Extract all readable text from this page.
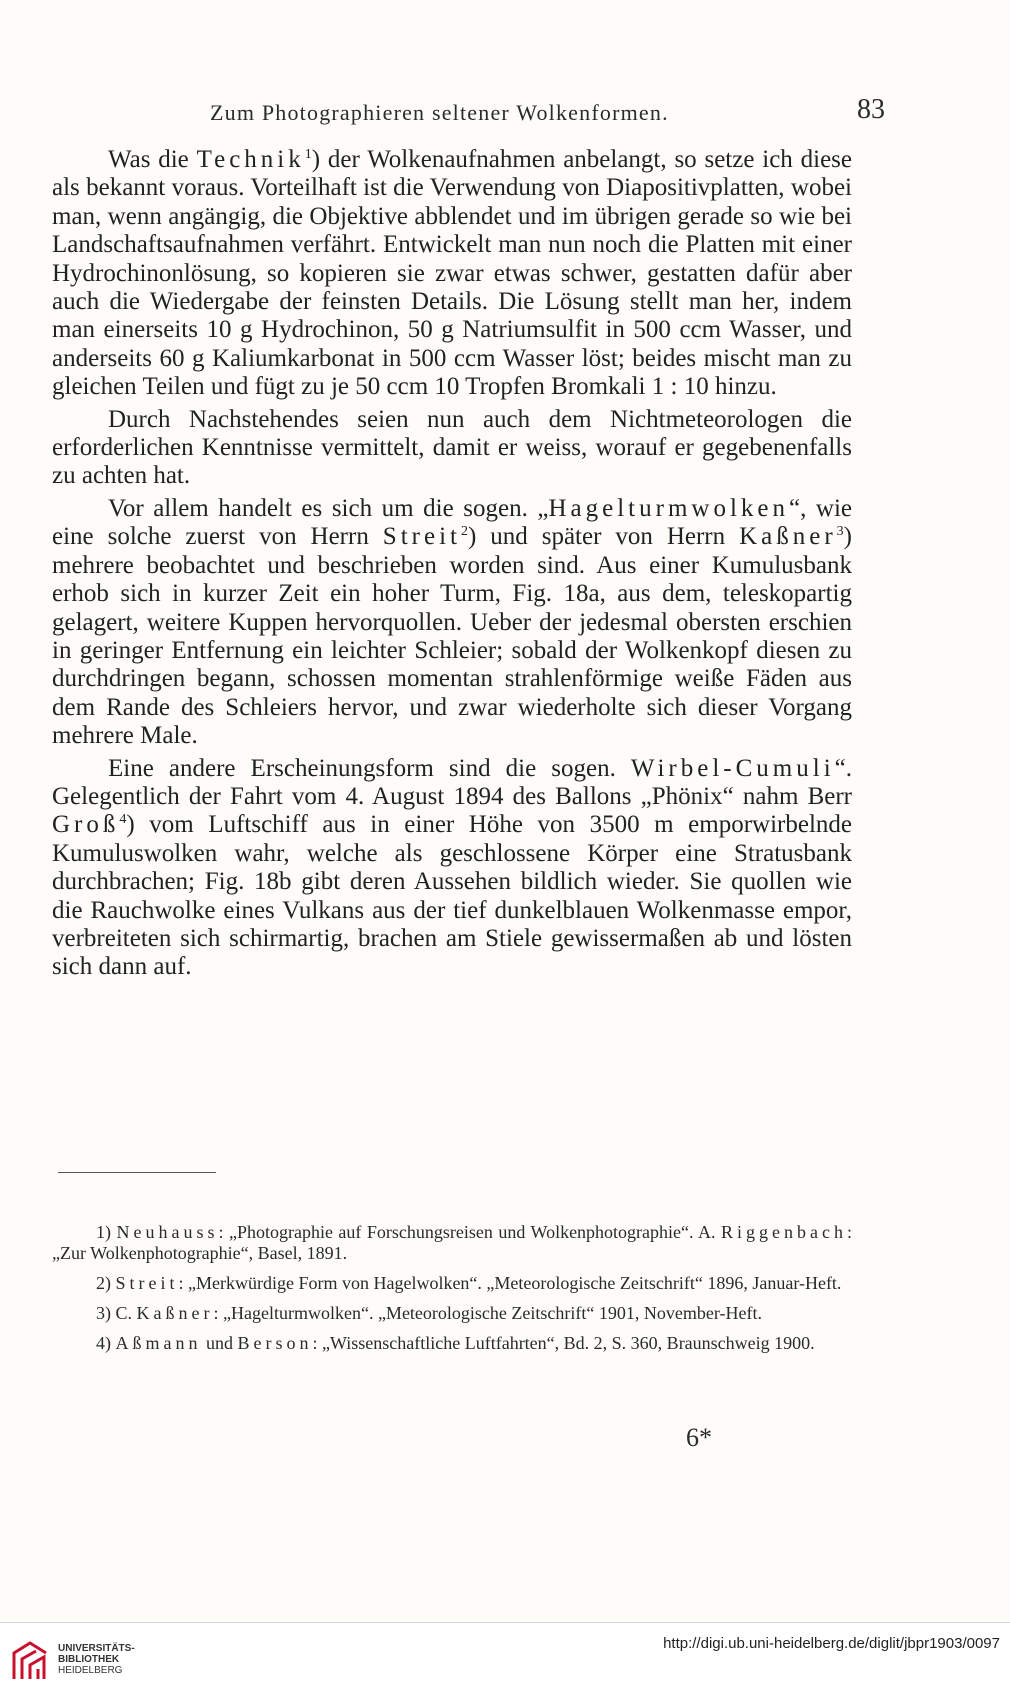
Zum Photographieren seltener Wolkenformen.	83

Was die Technik$^1$) der Wolkenaufnahmen anbelangt, so setze ich diese als bekannt voraus. Vorteilhaft ist die Verwendung von Diapositivplatten, wobei man, wenn angängig, die Objektive abblendet und im übrigen gerade so wie bei Landschaftsaufnahmen verfährt. Entwickelt man nun noch die Platten mit einer Hydrochinonlösung, so kopieren sie zwar etwas schwer, gestatten dafür aber auch die Wiedergabe der feinsten Details. Die Lösung stellt man her, indem man einerseits 10 g Hydrochinon, 50 g Natriumsulfit in 500 ccm Wasser, und anderseits 60 g Kaliumkarbonat in 500 ccm Wasser löst; beides mischt man zu gleichen Teilen und fügt zu je 50 ccm 10 Tropfen Bromkali 1 : 10 hinzu.

Durch Nachstehendes seien nun auch dem Nichtmeteorologen die erforderlichen Kenntnisse vermittelt, damit er weiss, worauf er gegebenenfalls zu achten hat.

Vor allem handelt es sich um die sogen. „Hagelturmwolken“, wie eine solche zuerst von Herrn Streit$^2$) und später von Herrn Kaßner$^3$) mehrere beobachtet und beschrieben worden sind. Aus einer Kumulusbank erhob sich in kurzer Zeit ein hoher Turm, Fig. 18a, aus dem, teleskopartig gelagert, weitere Kuppen hervorquollen. Ueber der jedesmal obersten erschien in geringer Entfernung ein leichter Schleier; sobald der Wolkenkopf diesen zu durchdringen begann, schossen momentan strahlenförmige weiße Fäden aus dem Rande des Schleiers hervor, und zwar wiederholte sich dieser Vorgang mehrere Male.

Eine andere Erscheinungsform sind die sogen. Wirbel-Cumuli“. Gelegentlich der Fahrt vom 4. August 1894 des Ballons „Phönix“ nahm Berr Groß$^4$) vom Luftschiff aus in einer Höhe von 3500 m emporwirbelnde Kumuluswolken wahr, welche als geschlossene Körper eine Stratusbank durchbrachen; Fig. 18b gibt deren Aussehen bildlich wieder. Sie quollen wie die Rauchwolke eines Vulkans aus der tief dunkelblauen Wolkenmasse empor, verbreiteten sich schirmartig, brachen am Stiele gewissermaßen ab und lösten sich dann auf.

1) Neuhauss: „Photographie auf Forschungsreisen und Wolkenphotographie“. A. Riggenbach: „Zur Wolkenphotographie“, Basel, 1891.

2) Streit: „Merkwürdige Form von Hagelwolken“. „Meteorologische Zeitschrift“ 1896, Januar-Heft.

3) C. Kaßner: „Hagelturmwolken“. „Meteorologische Zeitschrift“ 1901, November-Heft.

4) Aßmann und Berson: „Wissenschaftliche Luftfahrten“, Bd. 2, S. 360, Braunschweig 1900.

6*
UNIVERSITÄTS-
BIBLIOTHEK
HEIDELBERG
http://digi.ub.uni-heidelberg.de/diglit/jbpr1903/0097
